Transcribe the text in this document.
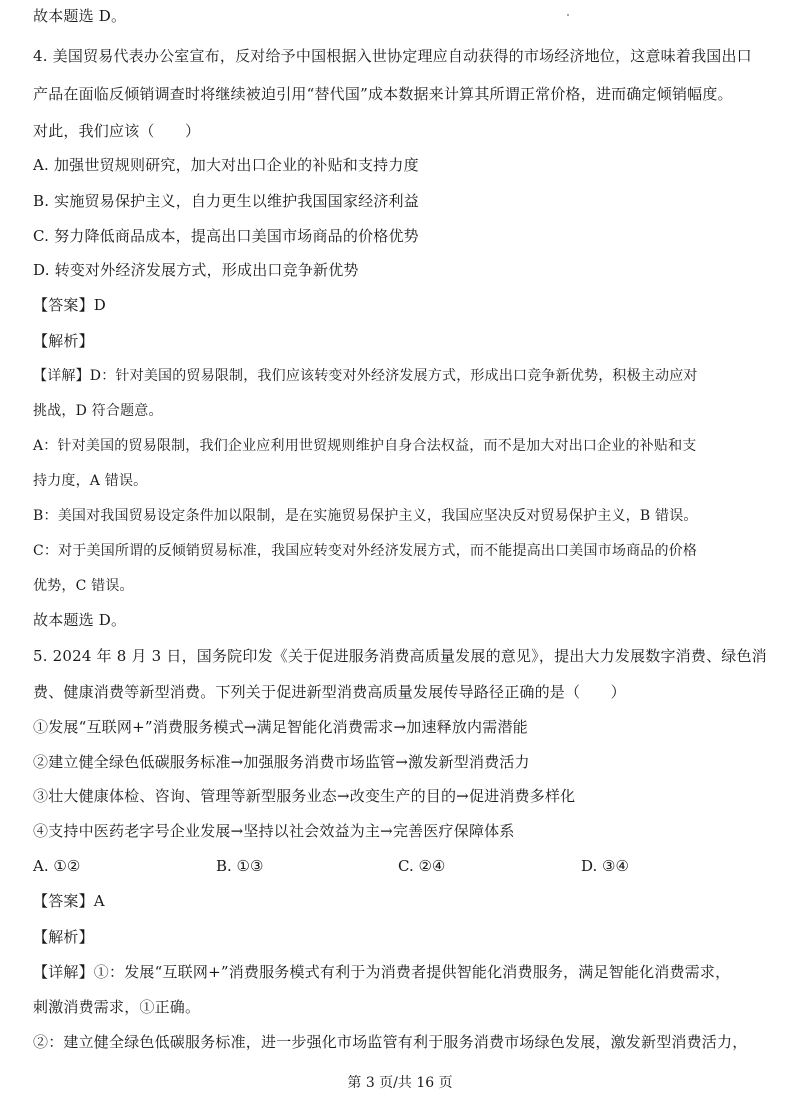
故本题选 D。
4. 美国贸易代表办公室宣布，反对给予中国根据入世协定理应自动获得的市场经济地位，这意味着我国出口
产品在面临反倾销调查时将继续被迫引用“替代国”成本数据来计算其所谓正常价格，进而确定倾销幅度。
对此，我们应该（　　）
A. 加强世贸规则研究，加大对出口企业的补贴和支持力度
B. 实施贸易保护主义，自力更生以维护我国国家经济利益
C. 努力降低商品成本，提高出口美国市场商品的价格优势
D. 转变对外经济发展方式，形成出口竞争新优势
【答案】D
【解析】
【详解】D：针对美国的贸易限制，我们应该转变对外经济发展方式，形成出口竞争新优势，积极主动应对
挑战，D 符合题意。
A：针对美国的贸易限制，我们企业应利用世贸规则维护自身合法权益，而不是加大对出口企业的补贴和支
持力度，A 错误。
B：美国对我国贸易设定条件加以限制，是在实施贸易保护主义，我国应坚决反对贸易保护主义，B 错误。
C：对于美国所谓的反倾销贸易标准，我国应转变对外经济发展方式，而不能提高出口美国市场商品的价格
优势，C 错误。
故本题选 D。
5. 2024 年 8 月 3 日，国务院印发《关于促进服务消费高质量发展的意见》，提出大力发展数字消费、绿色消
费、健康消费等新型消费。下列关于促进新型消费高质量发展传导路径正确的是（　　）
①发展“互联网+”消费服务模式→满足智能化消费需求→加速释放内需潜能
②建立健全绿色低碳服务标准→加强服务消费市场监管→激发新型消费活力
③壮大健康体检、咨询、管理等新型服务业态→改变生产的目的→促进消费多样化
④支持中医药老字号企业发展→坚持以社会效益为主→完善医疗保障体系
A. ①②	B. ①③	C. ②④	D. ③④
【答案】A
【解析】
【详解】①：发展“互联网+”消费服务模式有利于为消费者提供智能化消费服务，满足智能化消费需求，
刺激消费需求，①正确。
②：建立健全绿色低碳服务标准，进一步强化市场监管有利于服务消费市场绿色发展，激发新型消费活力，
第 3 页/共 16 页
